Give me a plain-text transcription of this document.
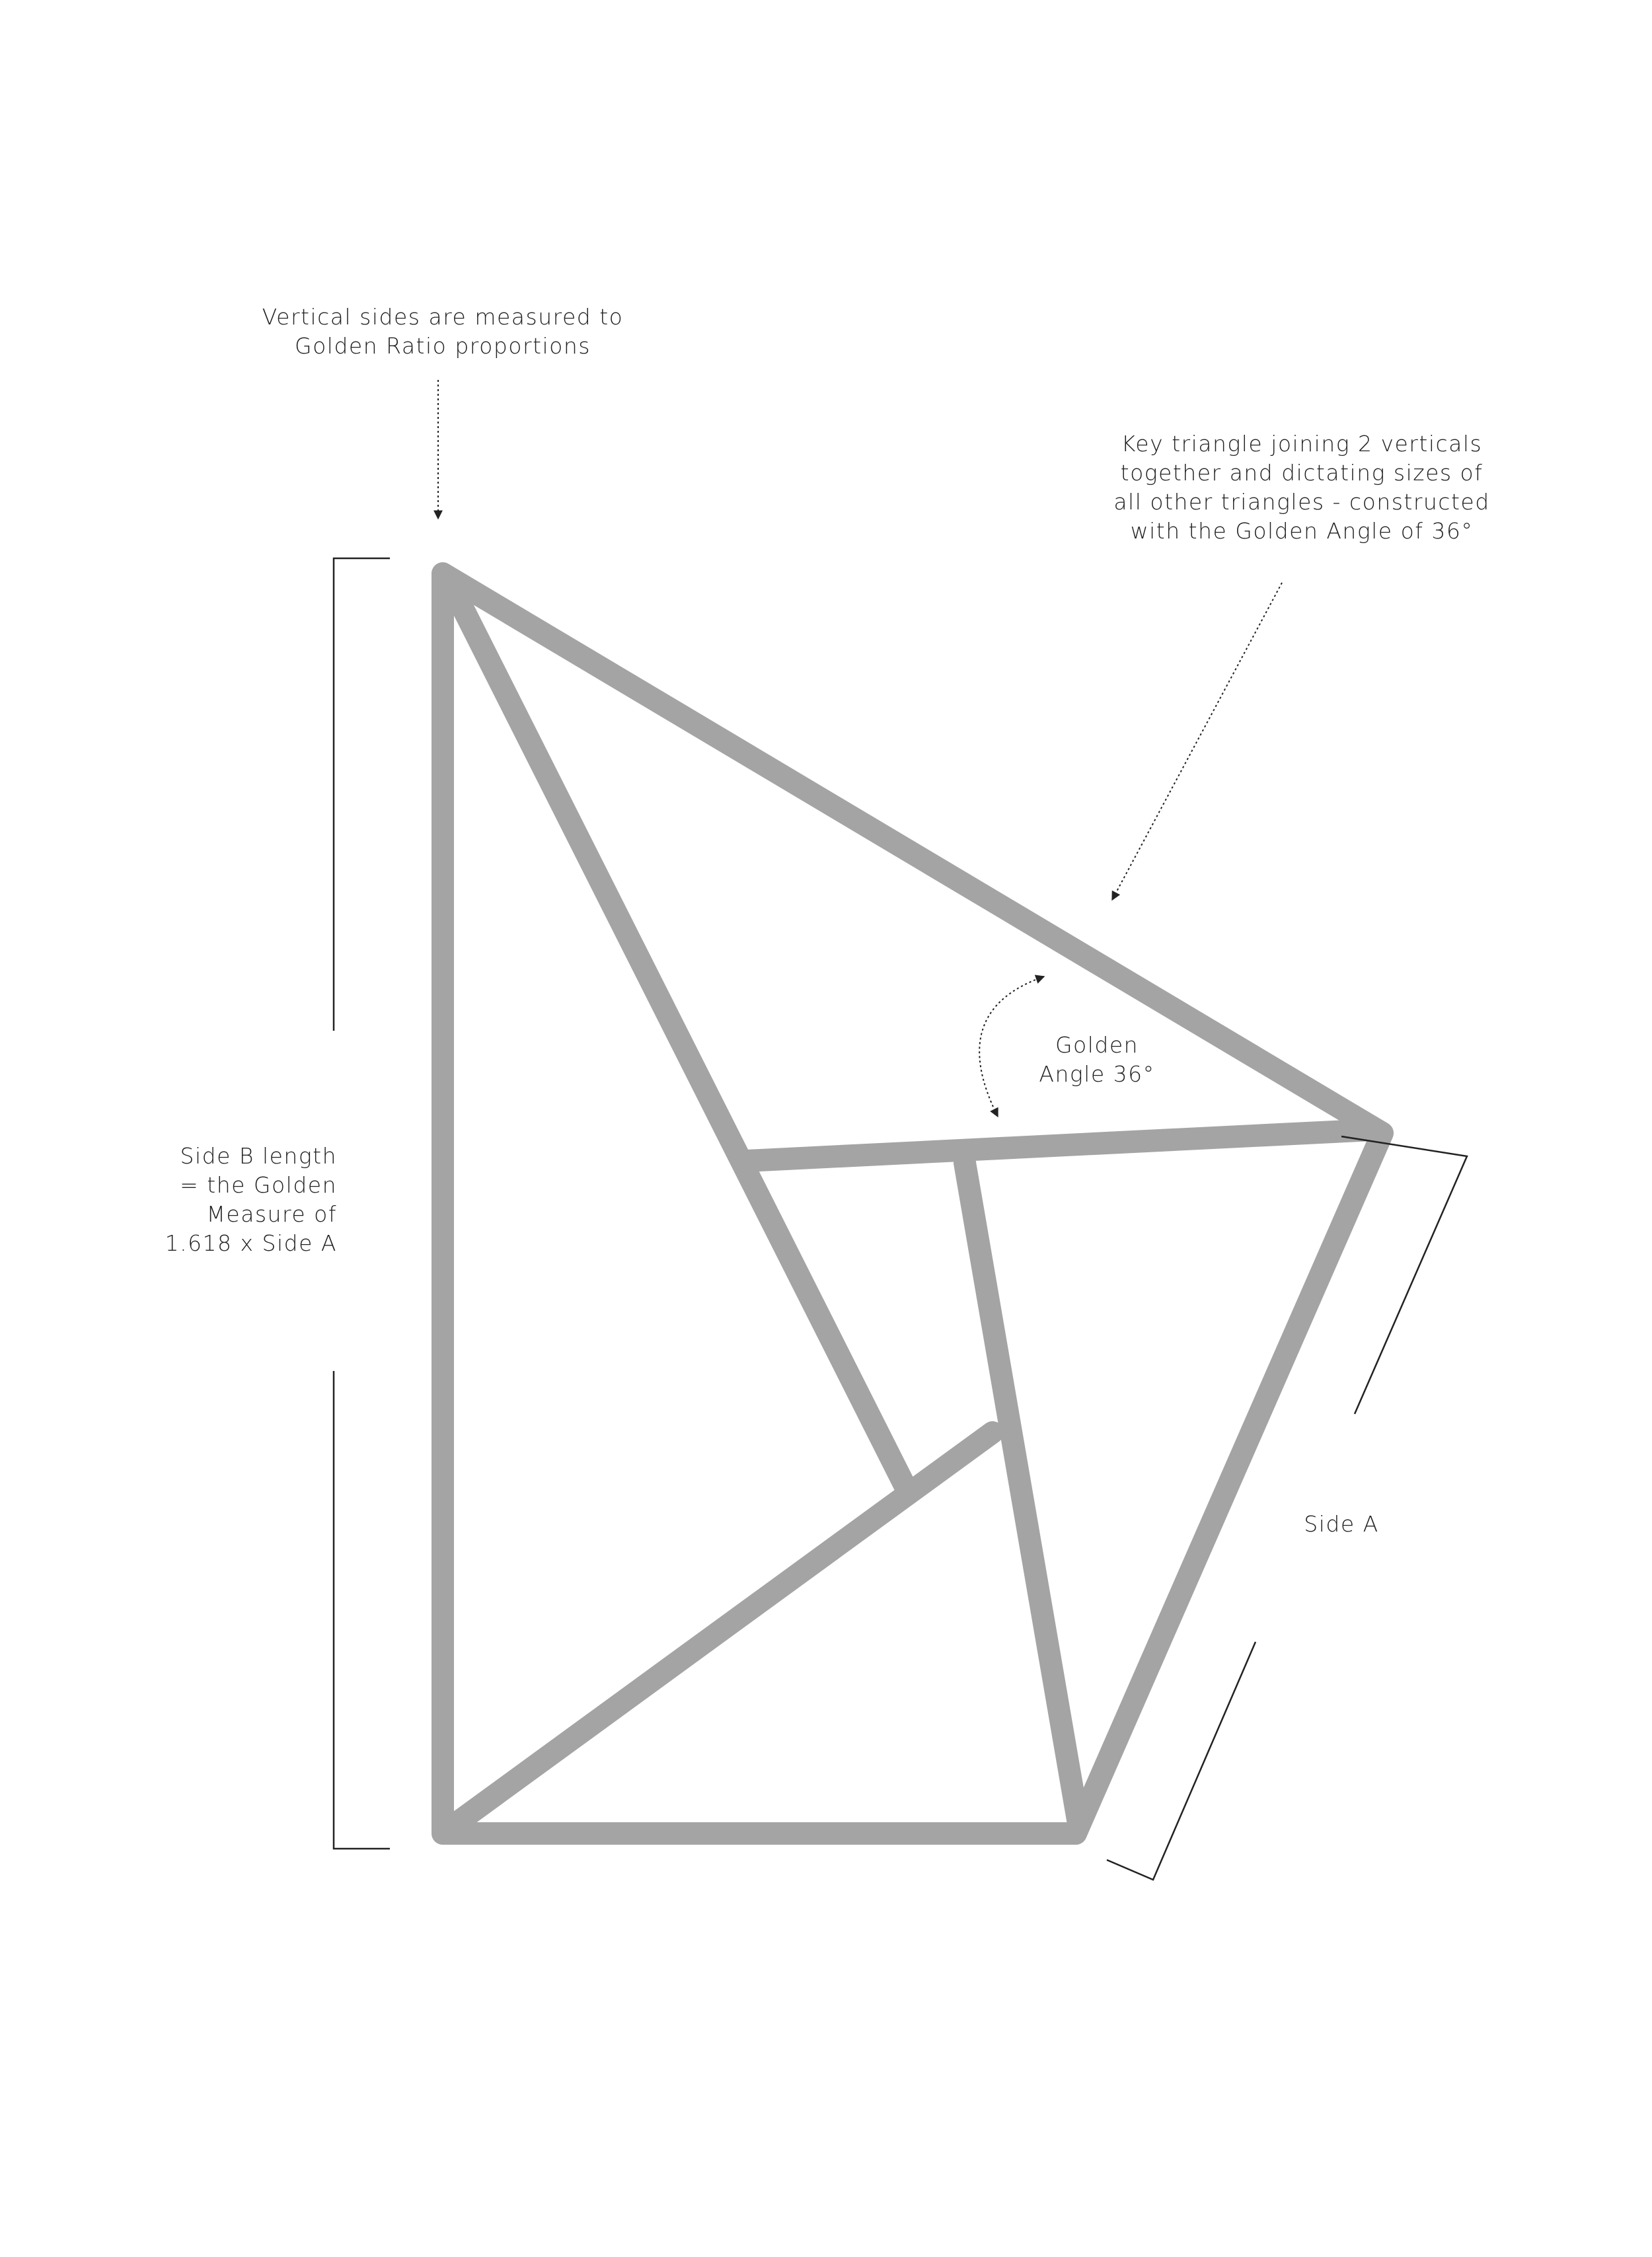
Vertical sides are measured to
Golden Ratio proportions
Key triangle joining 2 verticals
together and dictating sizes of
all other triangles - constructed
with the Golden Angle of 36°
Golden
Angle 36°
Side B length
= the Golden
Measure of
1.618 x Side A
Side A
